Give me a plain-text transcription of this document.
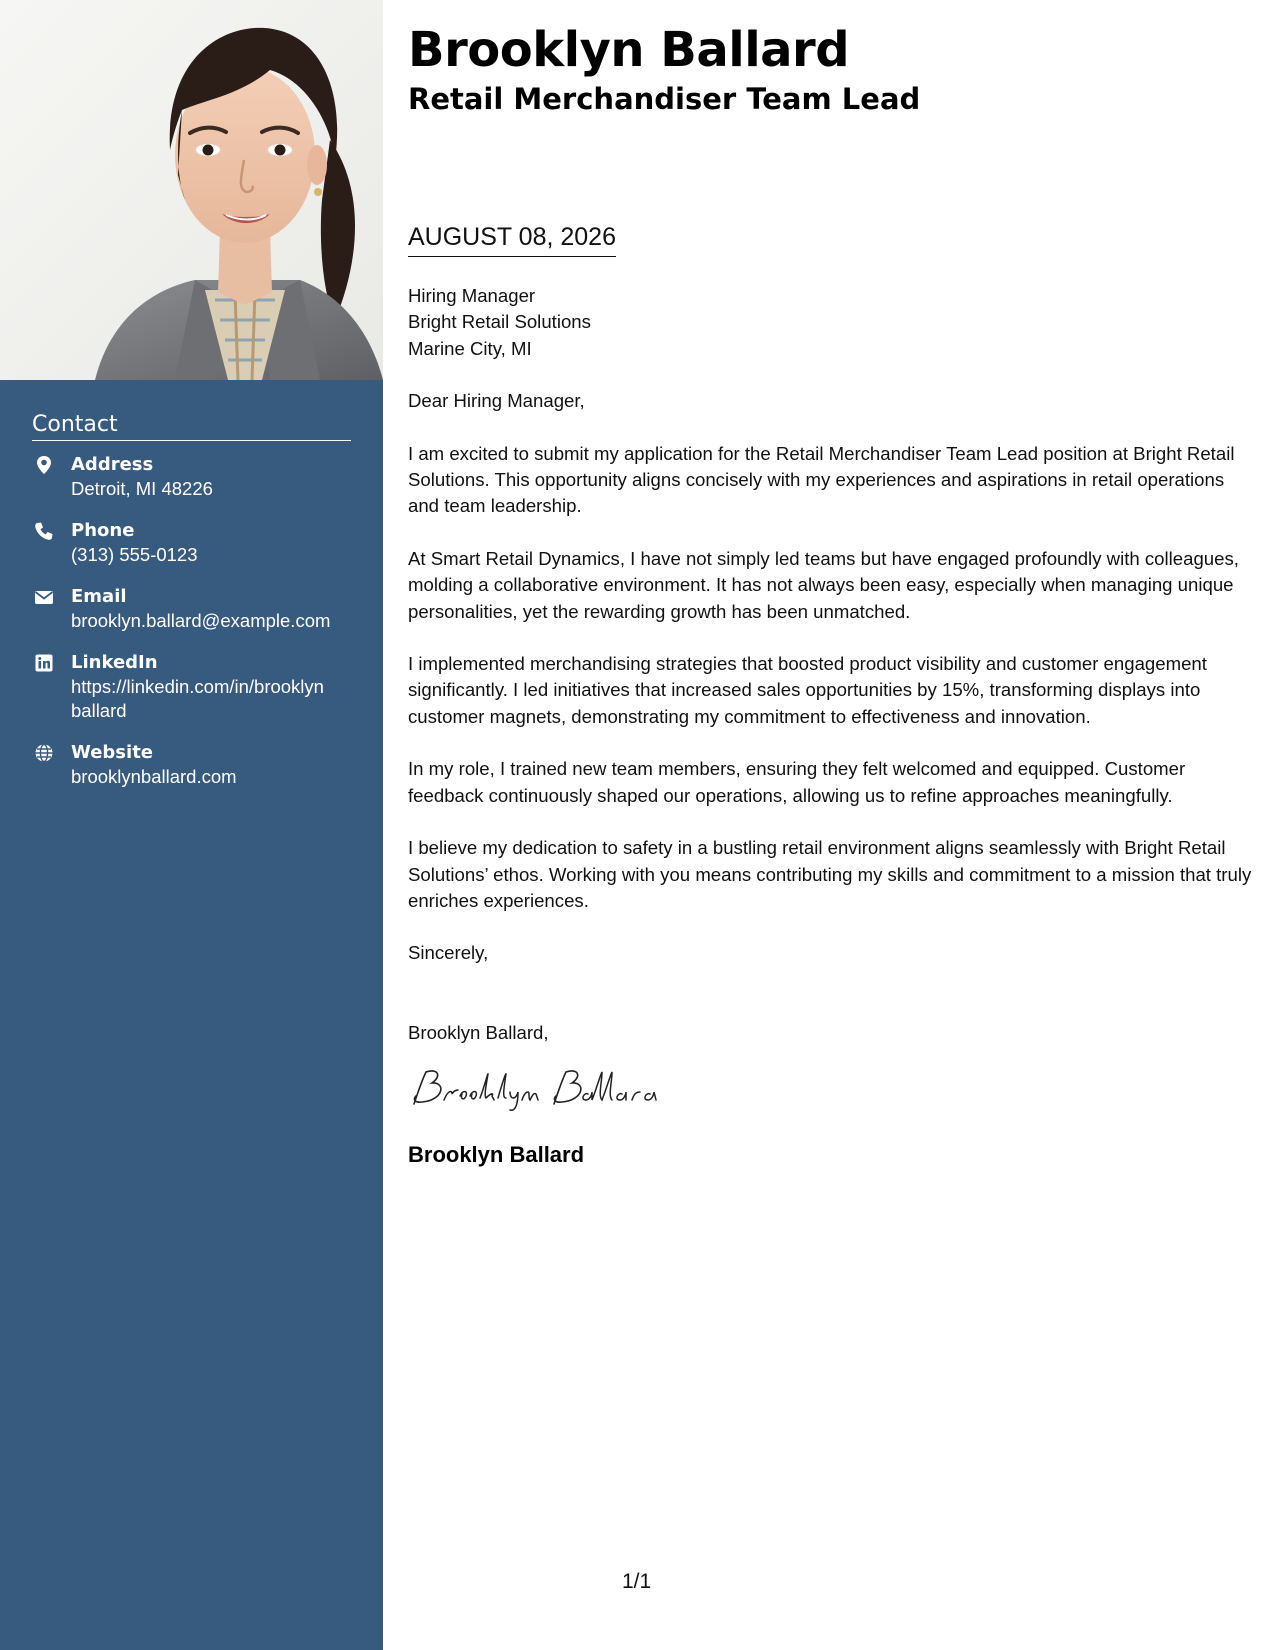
Contact
Address
Detroit, MI 48226
Phone
(313) 555-0123
Email
brooklyn.ballard@example.com
LinkedIn
https://linkedin.com/in/brooklyn
ballard
Website
brooklynballard.com
Brooklyn Ballard
Retail Merchandiser Team Lead
AUGUST 08, 2026
Hiring Manager
Bright Retail Solutions
Marine City, MI

Dear Hiring Manager,

I am excited to submit my application for the Retail Merchandiser Team Lead position at Bright Retail Solutions. This opportunity aligns concisely with my experiences and aspirations in retail operations and team leadership.

At Smart Retail Dynamics, I have not simply led teams but have engaged profoundly with colleagues, molding a collaborative environment. It has not always been easy, especially when managing unique personalities, yet the rewarding growth has been unmatched.

I implemented merchandising strategies that boosted product visibility and customer engagement significantly. I led initiatives that increased sales opportunities by 15%, transforming displays into customer magnets, demonstrating my commitment to effectiveness and innovation.

In my role, I trained new team members, ensuring they felt welcomed and equipped. Customer feedback continuously shaped our operations, allowing us to refine approaches meaningfully.

I believe my dedication to safety in a bustling retail environment aligns seamlessly with Bright Retail Solutions’ ethos. Working with you means contributing my skills and commitment to a mission that truly enriches experiences.

Sincerely,

Brooklyn Ballard,

Brooklyn Ballard
1/1
